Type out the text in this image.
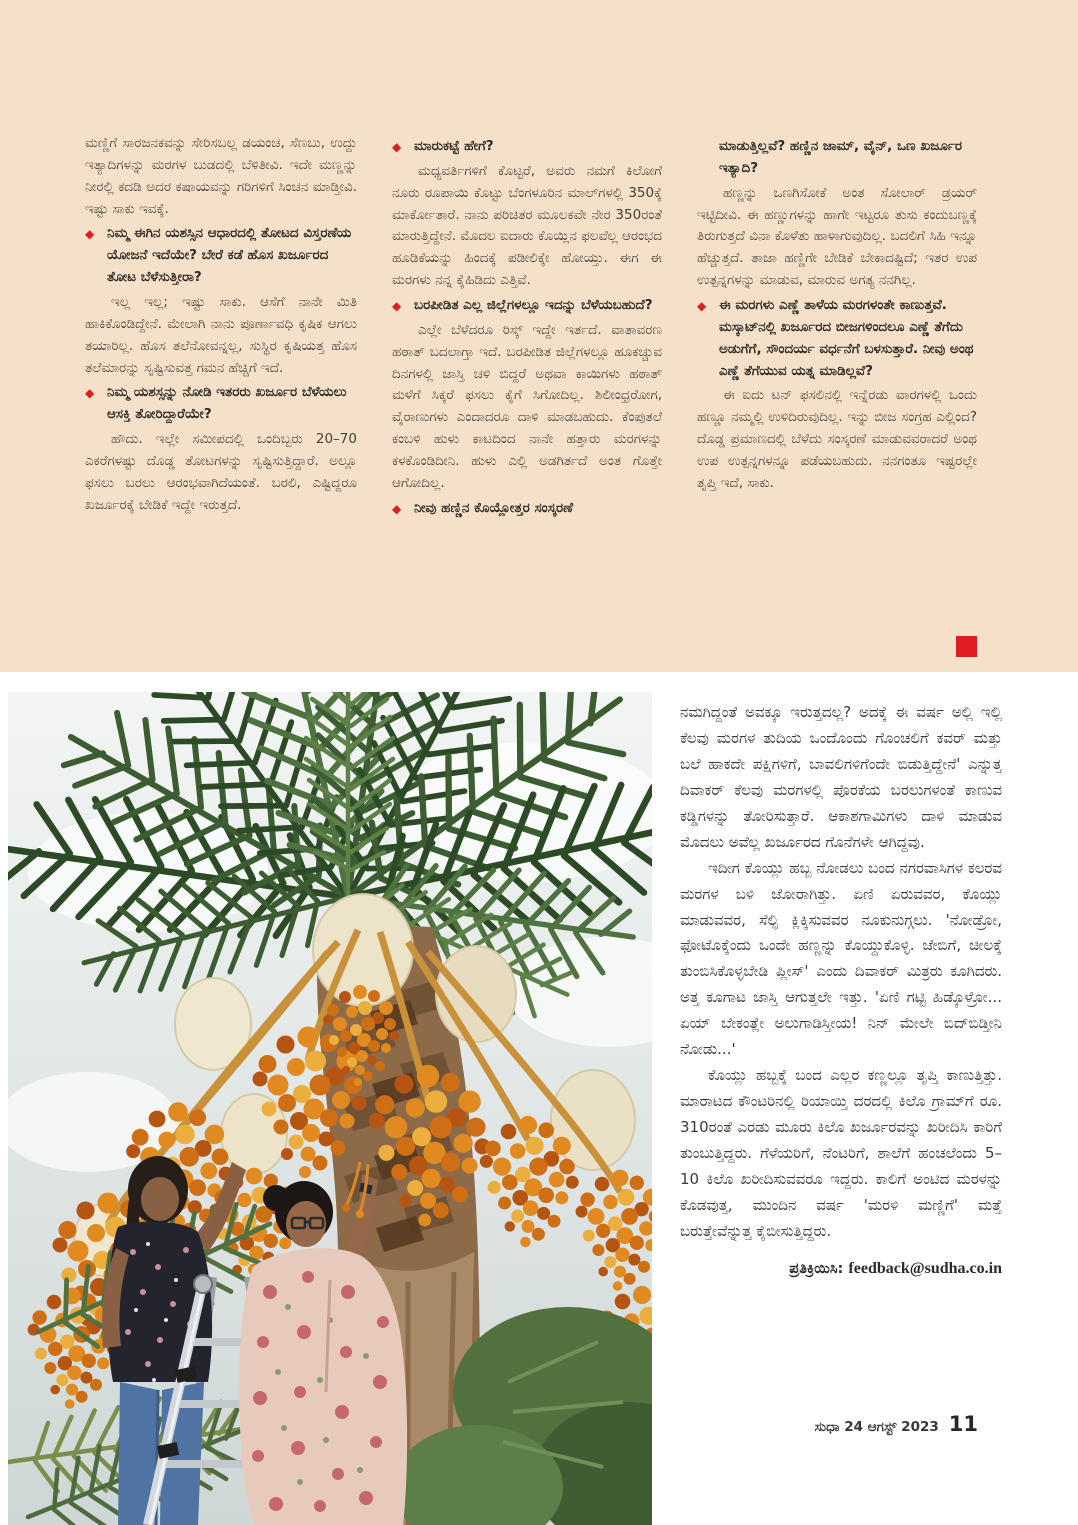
ಮಣ್ಣಿಗೆ ಸಾರಜನಕವನ್ನು ಸೇರಿಸಬಲ್ಲ ಡಯಂಚ, ಸೆಣಬು, ಉದ್ದು ಇತ್ಯಾದಿಗಳನ್ನು ಮರಗಳ ಬುಡದಲ್ಲಿ ಬೆಳಿತೀವಿ. ಇದೇ ಮಣ್ಣನ್ನು ನೀರಲ್ಲಿ ಕದಡಿ ಅದರ ಕಷಾಯವನ್ನು ಗರಿಗಳಿಗೆ ಸಿಂಚನ ಮಾಡ್ತೀವಿ. ಇಷ್ಟು ಸಾಕು ಇವಕ್ಕೆ.

◆ ನಿಮ್ಮ ಈಗಿನ ಯಶಸ್ಸಿನ ಆಧಾರದಲ್ಲಿ ತೋಟದ ವಿಸ್ತರಣೆಯ ಯೋಜನೆ ಇದೆಯೇ? ಬೇರೆ ಕಡೆ ಹೊಸ ಖರ್ಜೂರದ ತೋಟ ಬೆಳೆಸುತ್ತೀರಾ?

ಇಲ್ಲ ಇಲ್ಲ; ಇಷ್ಟು ಸಾಕು. ಆಸೆಗೆ ನಾನೇ ಮಿತಿ ಹಾಕಿಕೊಂಡಿದ್ದೇನೆ. ಮೇಲಾಗಿ ನಾನು ಪೂರ್ಣಾವಧಿ ಕೃಷಿಕ ಆಗಲು ತಯಾರಿಲ್ಲ. ಹೊಸ ತಲೆನೋವನ್ನಲ್ಲ, ಸುಸ್ಥಿರ ಕೃಷಿಯತ್ತ ಹೊಸ ತಲೆಮಾರನ್ನು ಸೃಷ್ಟಿಸುವತ್ತ ಗಮನ ಹೆಚ್ಚಿಗೆ ಇದೆ.

◆ ನಿಮ್ಮ ಯಶಸ್ಸನ್ನು ನೋಡಿ ಇತರರು ಖರ್ಜೂರ ಬೆಳೆಯಲು ಆಸಕ್ತಿ ತೋರಿದ್ದಾರೆಯೇ?

ಹೌದು. ಇಲ್ಲೇ ಸಮೀಪದಲ್ಲಿ ಒಂದಿಬ್ಬರು 20–70 ಎಕರೆಗಳಷ್ಟು ದೊಡ್ಡ ತೋಟಗಳನ್ನು ಸೃಷ್ಟಿಸುತ್ತಿದ್ದಾರೆ. ಅಲ್ಲೂ ಫಸಲು ಬರಲು ಆರಂಭವಾಗಿದೆಯಂತೆ. ಬರಲಿ, ಎಷ್ಟಿದ್ದರೂ ಖರ್ಜೂರಕ್ಕೆ ಬೇಡಿಕೆ ಇದ್ದೇ ಇರುತ್ತದೆ.

◆ ಮಾರುಕಟ್ಟೆ ಹೇಗೆ?

ಮಧ್ಯವರ್ತಿಗಳಿಗೆ ಕೊಟ್ಟರೆ, ಅವರು ನಮಗೆ ಕಿಲೋಗೆ ನೂರು ರೂಪಾಯಿ ಕೊಟ್ಟು ಬೆಂಗಳೂರಿನ ಮಾಲ್‌ಗಳಲ್ಲಿ 350ಕ್ಕೆ ಮಾರ್ಕೋತಾರೆ. ನಾನು ಪರಿಚಿತರ ಮೂಲಕವೇ ನೇರ 350ರಂತೆ ಮಾರುತ್ತಿದ್ದೇನೆ. ಮೊದಲ ಐದಾರು ಕೊಯ್ಲಿನ ಫಲವೆಲ್ಲ ಆರಂಭದ ಹೂಡಿಕೆಯನ್ನು ಹಿಂದಕ್ಕೆ ಪಡೀಲಿಕ್ಕೇ ಹೋಯ್ತು. ಈಗ ಈ ಮರಗಳು ನನ್ನ ಕೈಹಿಡಿದು ಎತ್ತಿವೆ.

◆ ಬರಪೀಡಿತ ಎಲ್ಲ ಜಿಲ್ಲೆಗಳಲ್ಲೂ ಇದನ್ನು ಬೆಳೆಯಬಹುದೆ?

ಎಲ್ಲೇ ಬೆಳೆದರೂ ರಿಸ್ಕ್ ಇದ್ದೇ ಇರ್ತದೆ. ವಾತಾವರಣ ಹಠಾತ್ ಬದಲಾಗ್ತಾ ಇದೆ. ಬರಪೀಡಿತ ಜಿಲ್ಲೆಗಳಲ್ಲೂ ಹೂಕಚ್ಚುವ ದಿನಗಳಲ್ಲಿ ಜಾಸ್ತಿ ಚಳಿ ಬಿದ್ದರೆ ಅಥವಾ ಕಾಯಿಗಳು ಹಠಾತ್ ಮಳೆಗೆ ಸಿಕ್ಕರೆ ಫಸಲು ಕೈಗೆ ಸಿಗೋದಿಲ್ಲ. ಶಿಲೀಂಧ್ರರೋಗ, ವೈರಾಣುಗಳು ಎಂದಾದರೂ ದಾಳಿ ಮಾಡಬಹುದು. ಕೆಂಪುತಲೆ ಕಂಬಳಿ ಹುಳು ಕಾಟದಿಂದ ನಾನೇ ಹತ್ತಾರು ಮರಗಳನ್ನು ಕಳಕೊಂಡಿದೀನಿ. ಹುಳು ಎಲ್ಲಿ ಅಡಗಿರ್ತದೆ ಅಂತ ಗೊತ್ತೇ ಆಗೋದಿಲ್ಲ.

◆ ನೀವು ಹಣ್ಣಿನ ಕೊಯ್ಲೋತ್ತರ ಸಂಸ್ಕರಣೆ
ಮಾಡುತ್ತಿಲ್ಲವೆ? ಹಣ್ಣಿನ ಜಾಮ್, ವೈನ್, ಒಣ ಖರ್ಜೂರ ಇತ್ಯಾದಿ?

ಹಣ್ಣನ್ನು ಒಣಗಿಸೋಕೆ ಅಂತ ಸೋಲಾರ್ ಡ್ರಯರ್ ಇಟ್ಟಿದೀವಿ. ಈ ಹಣ್ಣುಗಳನ್ನು ಹಾಗೇ ಇಟ್ಟರೂ ತುಸು ಕಂದುಬಣ್ಣಕ್ಕೆ ತಿರುಗುತ್ತದೆ ವಿನಾ ಕೊಳೆತು ಹಾಳಾಗುವುದಿಲ್ಲ. ಬದಲಿಗೆ ಸಿಹಿ ಇನ್ನೂ ಹೆಚ್ಚುತ್ತದೆ. ತಾಜಾ ಹಣ್ಣಿಗೇ ಬೇಡಿಕೆ ಬೇಕಾದಷ್ಟಿದೆ; ಇತರ ಉಪ ಉತ್ಪನ್ನಗಳನ್ನು ಮಾಡುವ, ಮಾರುವ ಅಗತ್ಯ ನನಗಿಲ್ಲ.

◆ ಈ ಮರಗಳು ಎಣ್ಣೆ ತಾಳೆಯ ಮರಗಳಂತೇ ಕಾಣುತ್ತವೆ. ಮಸ್ಕಾಟ್‌ನಲ್ಲಿ ಖರ್ಜೂರದ ಬೀಜಗಳಿಂದಲೂ ಎಣ್ಣೆ ತೆಗೆದು ಅಡುಗೆಗೆ, ಸೌಂದರ್ಯ ವರ್ಧನೆಗೆ ಬಳಸುತ್ತಾರೆ. ನೀವು ಅಂಥ ಎಣ್ಣೆ ತೆಗೆಯುವ ಯತ್ನ ಮಾಡಿಲ್ಲವೆ?

ಈ ಐದು ಟನ್ ಫಸಲಿನಲ್ಲಿ ಇನ್ನೆರಡು ವಾರಗಳಲ್ಲಿ ಒಂದು ಹಣ್ಣೂ ನಮ್ಮಲ್ಲಿ ಉಳಿದಿರುವುದಿಲ್ಲ. ಇನ್ನು ಬೀಜ ಸಂಗ್ರಹ ಎಲ್ಲಿಂದ? ದೊಡ್ಡ ಪ್ರಮಾಣದಲ್ಲಿ ಬೆಳೆದು ಸಂಸ್ಕರಣೆ ಮಾಡುವವರಾದರೆ ಅಂಥ ಉಪ ಉತ್ಪನ್ನಗಳನ್ನೂ ಪಡೆಯಬಹುದು. ನನಗಂತೂ ಇಷ್ಟರಲ್ಲೇ ತೃಪ್ತಿ ಇದೆ, ಸಾಕು.

ನಮಗಿದ್ದಂತೆ ಅವಕ್ಕೂ ಇರುತ್ತದಲ್ಲ? ಅದಕ್ಕೆ ಈ ವರ್ಷ ಅಲ್ಲಿ ಇಲ್ಲಿ ಕೆಲವು ಮರಗಳ ತುದಿಯ ಒಂದೊಂದು ಗೊಂಚಲಿಗೆ ಕವರ್ ಮತ್ತು ಬಲೆ ಹಾಕದೇ ಪಕ್ಷಿಗಳಿಗೆ, ಬಾವಲಿಗಳಿಗೆಂದೇ ಬಿಡುತ್ತಿದ್ದೇನೆ' ಎನ್ನುತ್ತ ದಿವಾಕರ್ ಕೆಲವು ಮರಗಳಲ್ಲಿ ಪೊರಕೆಯ ಬರಲುಗಳಂತೆ ಕಾಣುವ ಕಡ್ಡಿಗಳನ್ನು ತೋರಿಸುತ್ತಾರೆ. ಆಕಾಶಗಾಮಿಗಳು ದಾಳಿ ಮಾಡುವ ಮೊದಲು ಅವೆಲ್ಲ ಖರ್ಜೂರದ ಗೊನೆಗಳೇ ಆಗಿದ್ದವು.

ಇದೀಗ ಕೊಯ್ಲು ಹಬ್ಬ ನೋಡಲು ಬಂದ ನಗರವಾಸಿಗಳ ಕಲರವ ಮರಗಳ ಬಳಿ ಜೋರಾಗಿತ್ತು. ಏಣಿ ಏರುವವರ, ಕೊಯ್ಲು ಮಾಡುವವರ, ಸೆಲ್ಫಿ ಕ್ಲಿಕ್ಕಿಸುವವರ ನೂಕುನುಗ್ಗಲು. 'ನೋಡ್ರೋ, ಫೋಟೊಕ್ಕೆಂದು ಒಂದೇ ಹಣ್ಣನ್ನು ಕೊಯ್ದುಕೊಳ್ಳಿ. ಜೇಬಿಗೆ, ಚೀಲಕ್ಕೆ ತುಂಬಿಸಿಕೊಳ್ಳಬೇಡಿ ಪ್ಲೀಸ್' ಎಂದು ದಿವಾಕರ್ ಮಿತ್ರರು ಕೂಗಿದರು. ಅತ್ತ ಕೂಗಾಟ ಜಾಸ್ತಿ ಆಗುತ್ತಲೇ ಇತ್ತು. 'ಏಣಿ ಗಟ್ಟಿ ಹಿಡ್ಕೊಳ್ರೋ... ಏಯ್ ಬೇಕಂತ್ಲೇ ಅಲುಗಾಡಿಸ್ತೀಯ! ನಿನ್ ಮೇಲೇ ಬಿದ್‌ಬಿಡ್ತೀನಿ ನೋಡು...'

ಕೊಯ್ಲು ಹಬ್ಬಕ್ಕೆ ಬಂದ ಎಲ್ಲರ ಕಣ್ಣಲ್ಲೂ ತೃಪ್ತಿ ಕಾಣುತ್ತಿತ್ತು. ಮಾರಾಟದ ಕೌಂಟರಿನಲ್ಲಿ ರಿಯಾಯ್ತಿ ದರದಲ್ಲಿ ಕಿಲೊ ಗ್ರಾಮ್‌ಗೆ ರೂ. 310ರಂತೆ ಎರಡು ಮೂರು ಕಿಲೊ ಖರ್ಜೂರವನ್ನು ಖರೀದಿಸಿ ಕಾರಿಗೆ ತುಂಬುತ್ತಿದ್ದರು. ಗೆಳೆಯರಿಗೆ, ನೆಂಟರಿಗೆ, ಶಾಲೆಗೆ ಹಂಚಲೆಂದು 5–10 ಕಿಲೊ ಖರೀದಿಸುವವರೂ ಇದ್ದರು. ಕಾಲಿಗೆ ಅಂಟಿದ ಮರಳನ್ನು ಕೊಡವುತ್ತ, ಮುಂದಿನ ವರ್ಷ 'ಮರಳಿ ಮಣ್ಣಿಗೆ' ಮತ್ತೆ ಬರುತ್ತೇವೆನ್ನುತ್ತ ಕೈಬೀಸುತ್ತಿದ್ದರು.

ಪ್ರತಿಕ್ರಿಯಿಸಿ: feedback@sudha.co.in
ಸುಧಾ 24 ಆಗಸ್ಟ್ 2023 11
